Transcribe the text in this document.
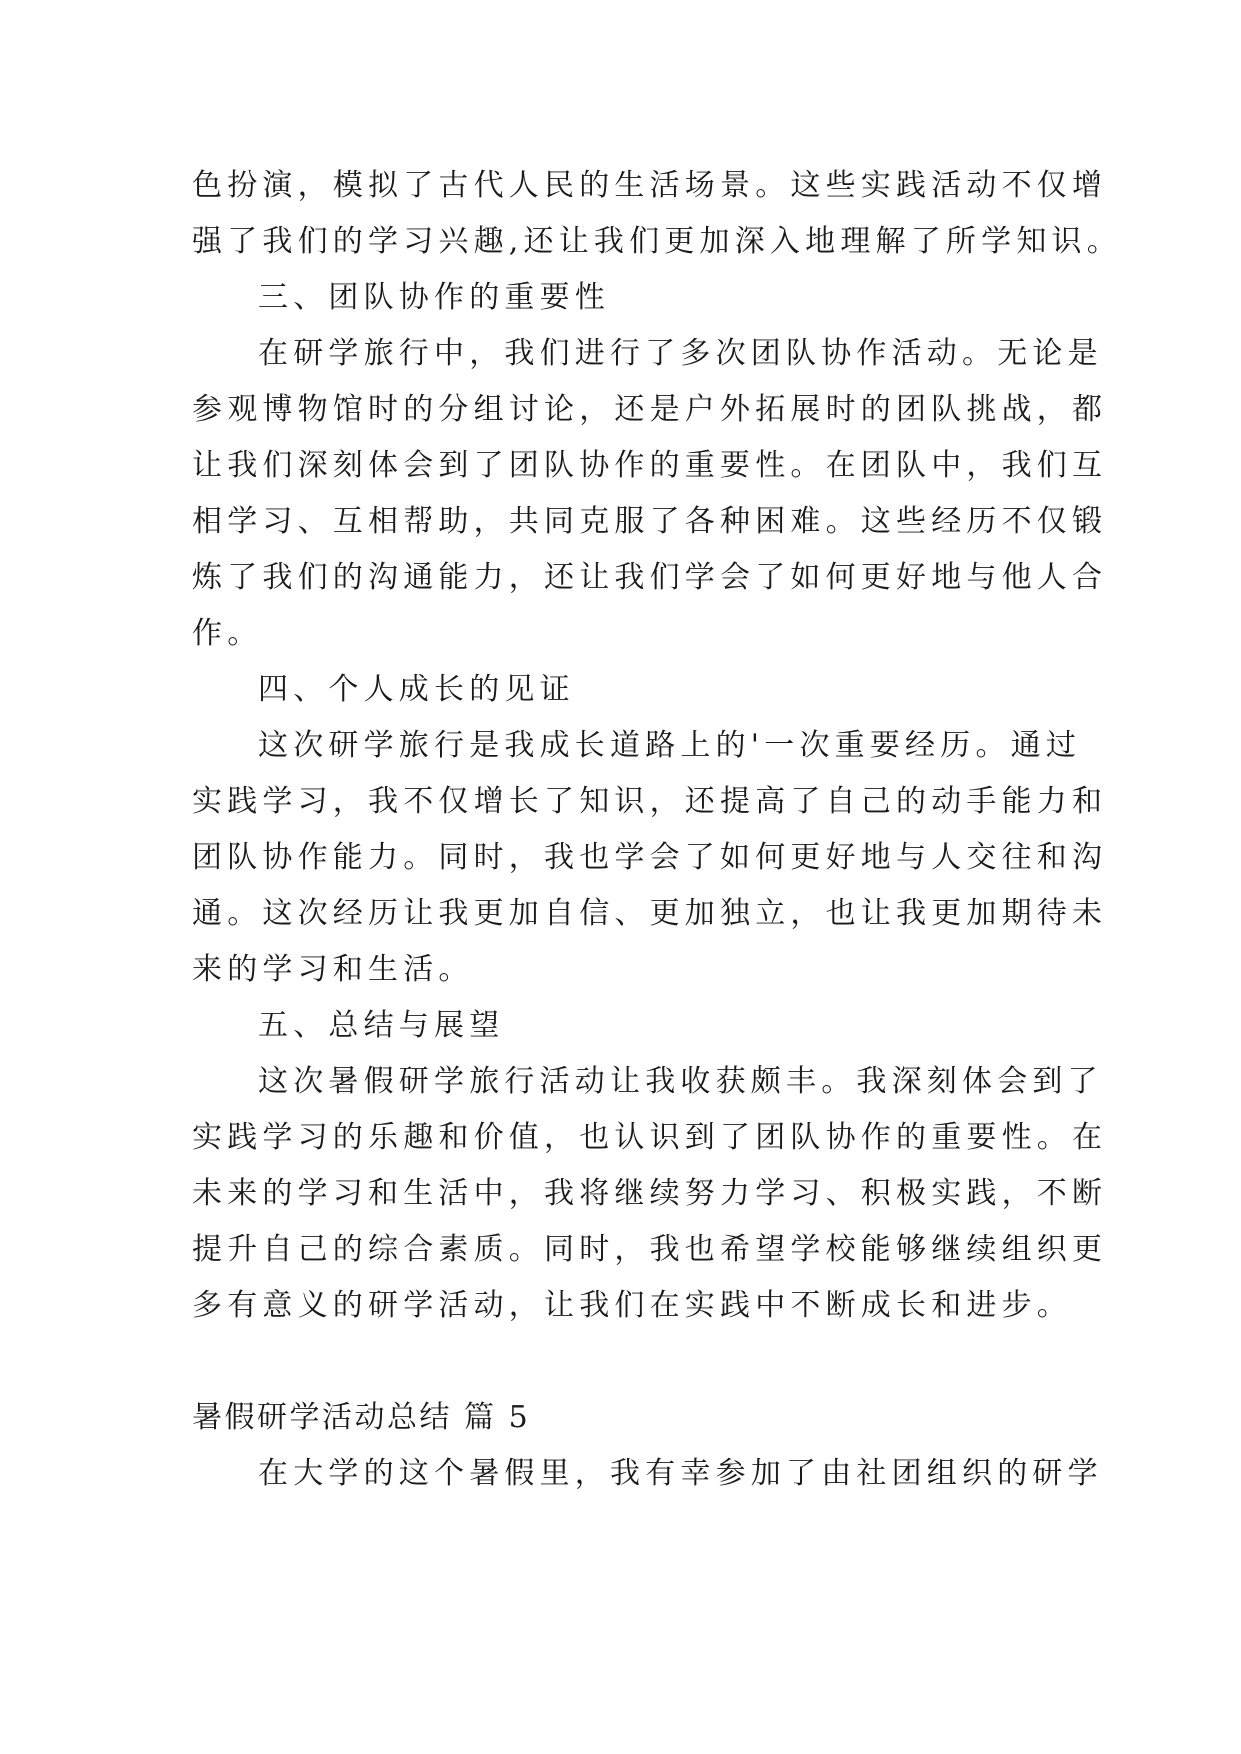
色扮演，模拟了古代人民的生活场景。这些实践活动不仅增
强了我们的学习兴趣,还让我们更加深入地理解了所学知识。
三、团队协作的重要性
在研学旅行中，我们进行了多次团队协作活动。无论是
参观博物馆时的分组讨论，还是户外拓展时的团队挑战，都
让我们深刻体会到了团队协作的重要性。在团队中，我们互
相学习、互相帮助，共同克服了各种困难。这些经历不仅锻
炼了我们的沟通能力，还让我们学会了如何更好地与他人合
作。
四、个人成长的见证
这次研学旅行是我成长道路上的'一次重要经历。通过
实践学习，我不仅增长了知识，还提高了自己的动手能力和
团队协作能力。同时，我也学会了如何更好地与人交往和沟
通。这次经历让我更加自信、更加独立，也让我更加期待未
来的学习和生活。
五、总结与展望
这次暑假研学旅行活动让我收获颇丰。我深刻体会到了
实践学习的乐趣和价值，也认识到了团队协作的重要性。在
未来的学习和生活中，我将继续努力学习、积极实践，不断
提升自己的综合素质。同时，我也希望学校能够继续组织更
多有意义的研学活动，让我们在实践中不断成长和进步。
暑假研学活动总结 篇 5
在大学的这个暑假里，我有幸参加了由社团组织的研学
